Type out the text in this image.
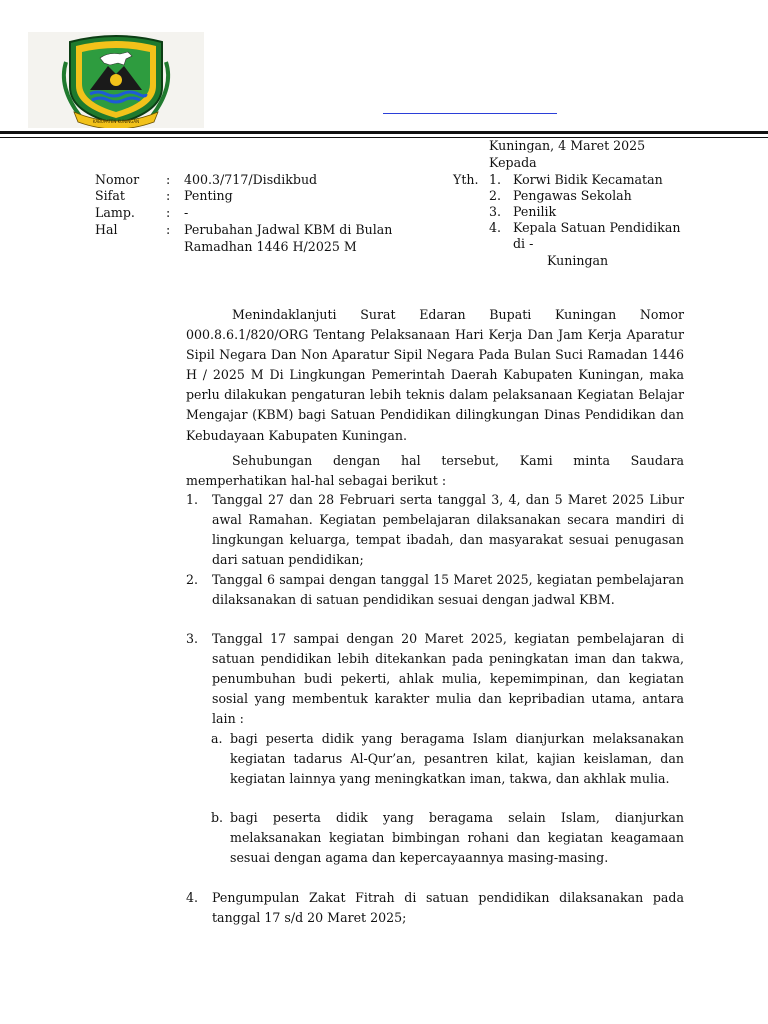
KABUPATEN KUNINGAN
Kuningan, 4 Maret 2025
Kepada
Yth. 1. Korwi Bidik Kecamatan
2. Pengawas Sekolah
3. Penilik
4. Kepala Satuan Pendidikan
di -
Kuningan
Nomor : 400.3/717/Disdikbud
Sifat	: Penting
Lamp. : -
Hal	: Perubahan Jadwal KBM di Bulan
Ramadhan 1446 H/2025 M

Menindaklanjuti Surat Edaran Bupati Kuningan Nomor 000.8.6.1/820/ORG Tentang Pelaksanaan Hari Kerja Dan Jam Kerja Aparatur Sipil Negara Dan Non Aparatur Sipil Negara Pada Bulan Suci Ramadan 1446 H / 2025 M Di Lingkungan Pemerintah Daerah Kabupaten Kuningan, maka perlu dilakukan pengaturan lebih teknis dalam pelaksanaan Kegiatan Belajar Mengajar (KBM) bagi Satuan Pendidikan dilingkungan Dinas Pendidikan dan Kebudayaan Kabupaten Kuningan.

Sehubungan dengan hal tersebut, Kami minta Saudara memperhatikan hal-hal sebagai berikut :

1. Tanggal 27 dan 28 Februari serta tanggal 3, 4, dan 5 Maret 2025 Libur awal Ramahan. Kegiatan pembelajaran dilaksanakan secara mandiri di lingkungan keluarga, tempat ibadah, dan masyarakat sesuai penugasan dari satuan pendidikan;

2. Tanggal 6 sampai dengan tanggal 15 Maret 2025, kegiatan pembelajaran dilaksanakan di satuan pendidikan sesuai dengan jadwal KBM.

3. Tanggal 17 sampai dengan 20 Maret 2025, kegiatan pembelajaran di satuan pendidikan lebih ditekankan pada peningkatan iman dan takwa, penumbuhan budi pekerti, ahlak mulia, kepemimpinan, dan kegiatan sosial yang membentuk karakter mulia dan kepribadian utama, antara lain :

a. bagi peserta didik yang beragama Islam dianjurkan melaksanakan kegiatan tadarus Al-Qur’an, pesantren kilat, kajian keislaman, dan kegiatan lainnya yang meningkatkan iman, takwa, dan akhlak mulia.

b. bagi peserta didik yang beragama selain Islam, dianjurkan melaksanakan kegiatan bimbingan rohani dan kegiatan keagamaan sesuai dengan agama dan kepercayaannya masing-masing.

4. Pengumpulan Zakat Fitrah di satuan pendidikan dilaksanakan pada tanggal 17 s/d 20 Maret 2025;
